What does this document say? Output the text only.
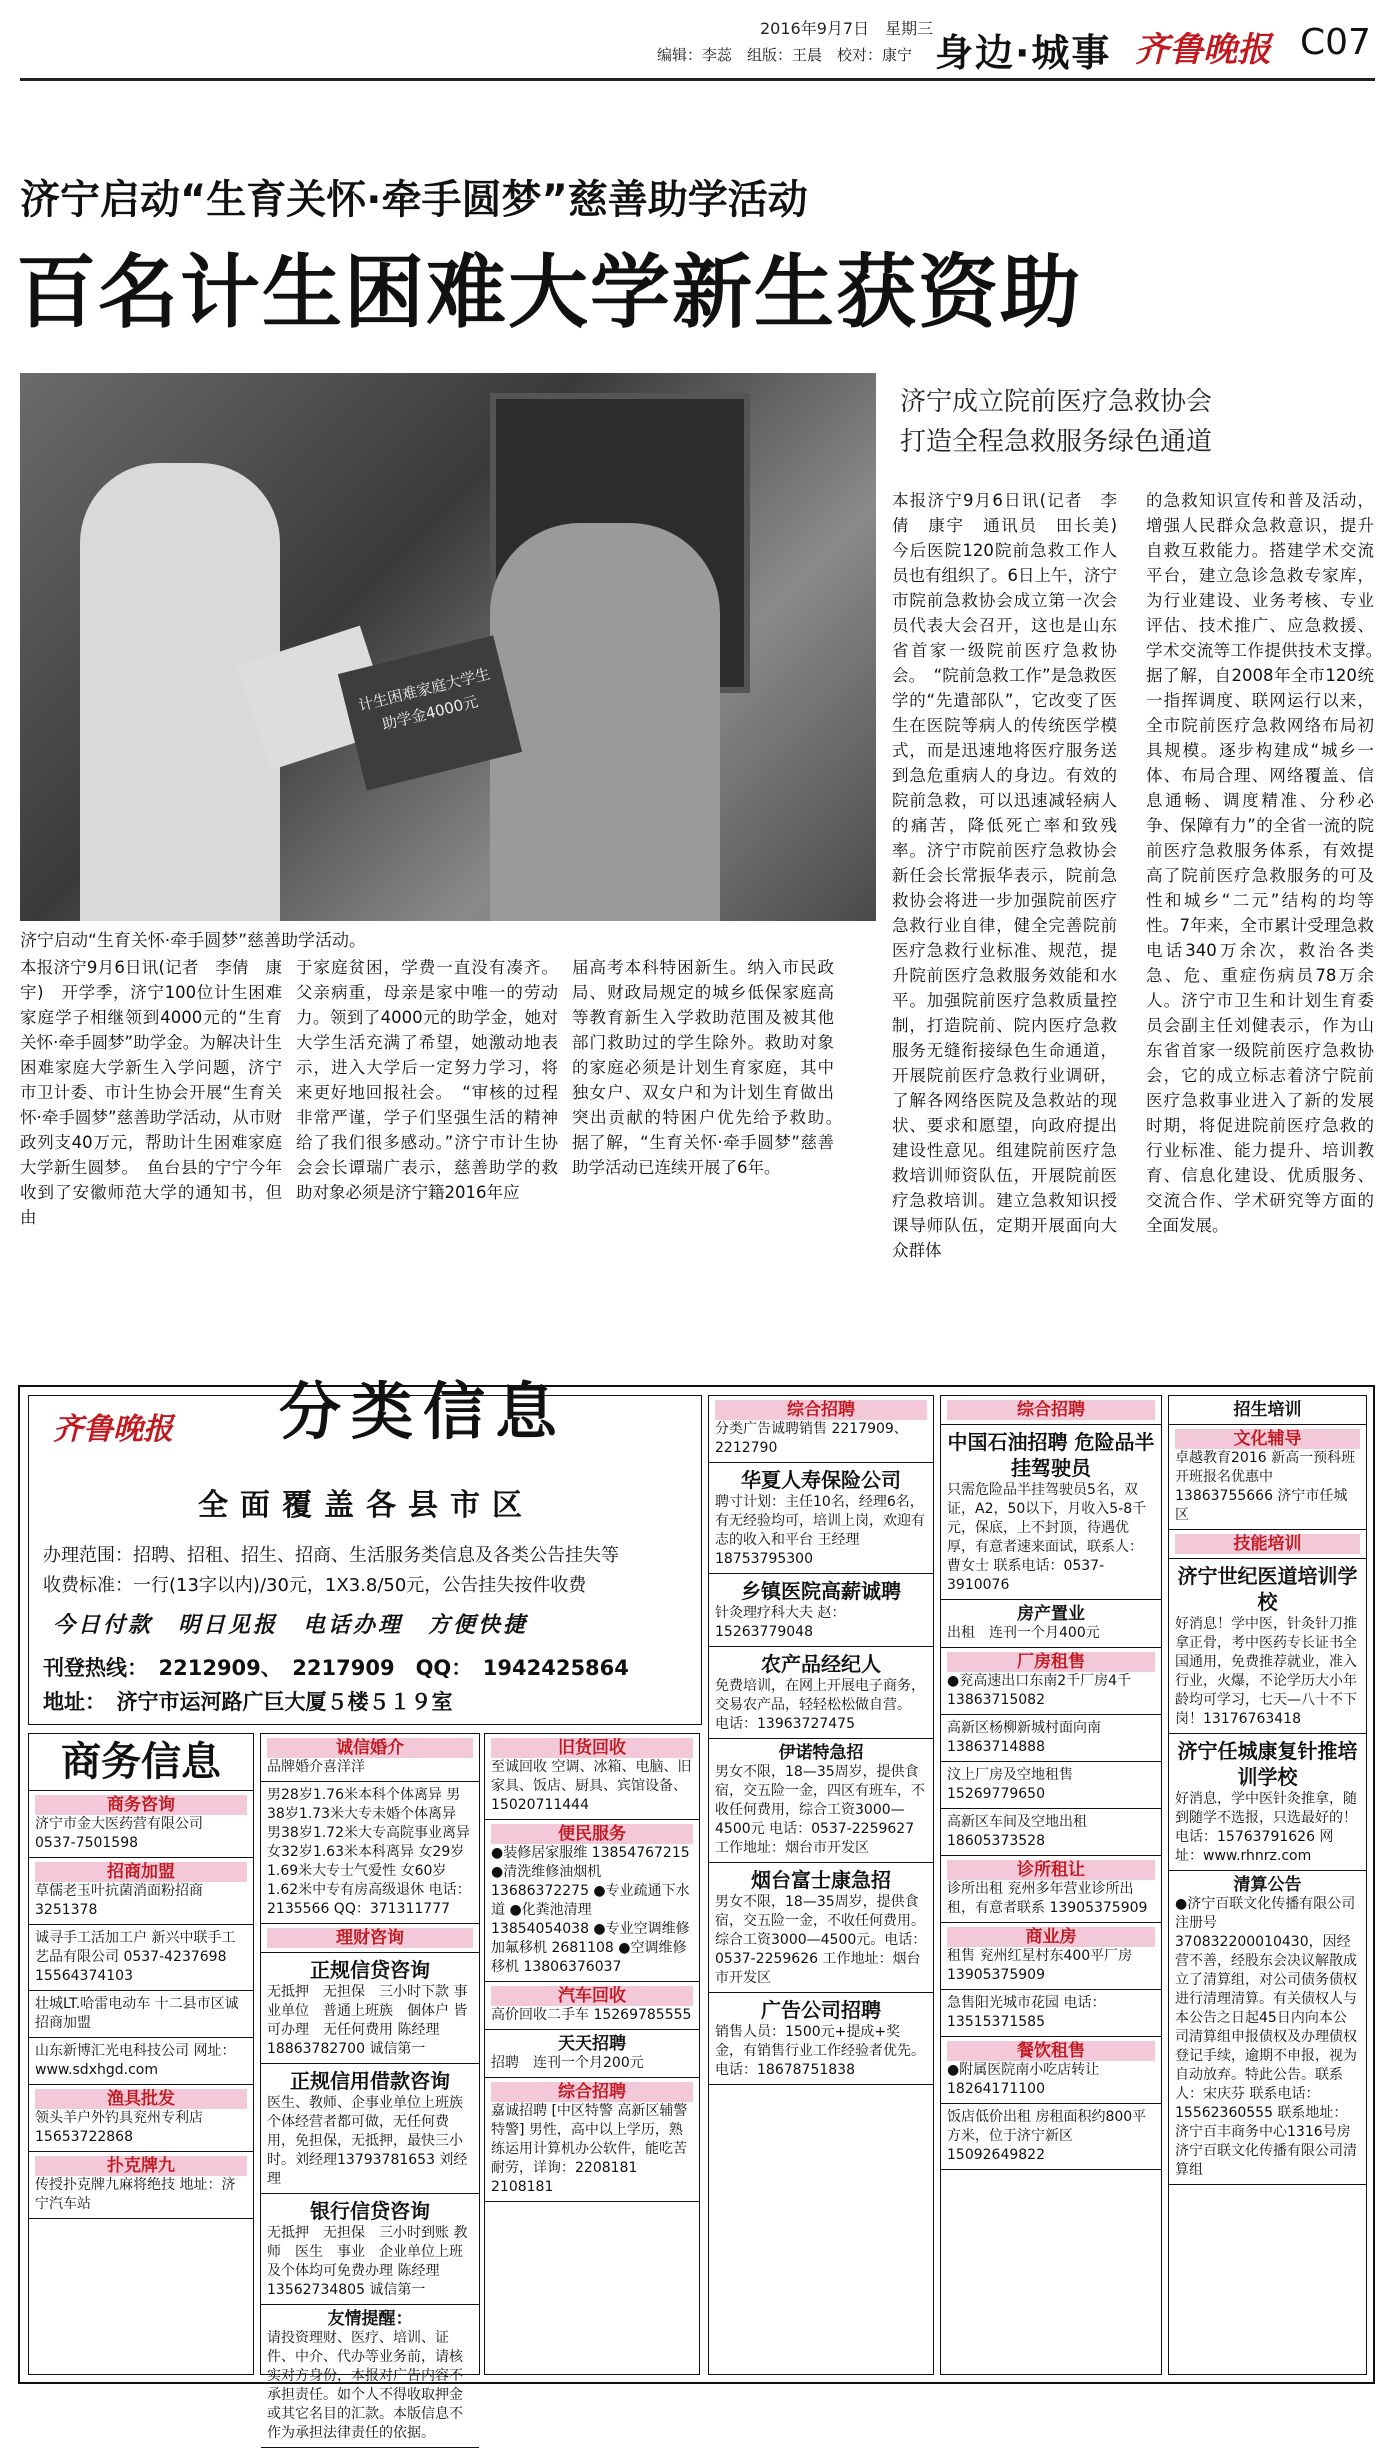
2016年9月7日　星期三
编辑：李蕊　组版：王晨　校对：康宁 身边·城事 齐鲁晚报 C07
济宁启动“生育关怀·牵手圆梦”慈善助学活动
百名计生困难大学新生获资助
计生困难家庭大学生 助学金4000元
济宁启动“生育关怀·牵手圆梦”慈善助学活动。
本报济宁9月6日讯(记者　李倩　康宇)　开学季，济宁100位计生困难家庭学子相继领到4000元的“生育关怀·牵手圆梦”助学金。为解决计生困难家庭大学新生入学问题，济宁市卫计委、市计生协会开展“生育关怀·牵手圆梦”慈善助学活动，从市财政列支40万元，帮助计生困难家庭大学新生圆梦。　鱼台县的宁宁今年收到了安徽师范大学的通知书，但由
于家庭贫困，学费一直没有凑齐。父亲病重，母亲是家中唯一的劳动力。领到了4000元的助学金，她对大学生活充满了希望，她激动地表示，进入大学后一定努力学习，将来更好地回报社会。　“审核的过程非常严谨，学子们坚强生活的精神给了我们很多感动。”济宁市计生协会会长谭瑞广表示，慈善助学的救助对象必须是济宁籍2016年应
届高考本科特困新生。纳入市民政局、财政局规定的城乡低保家庭高等教育新生入学救助范围及被其他部门救助过的学生除外。救助对象的家庭必须是计划生育家庭，其中独女户、双女户和为计划生育做出突出贡献的特困户优先给予救助。　据了解，“生育关怀·牵手圆梦”慈善助学活动已连续开展了6年。
济宁成立院前医疗急救协会
打造全程急救服务绿色通道
本报济宁9月6日讯(记者　李倩　康宇　通讯员　田长美)　今后医院120院前急救工作人员也有组织了。6日上午，济宁市院前急救协会成立第一次会员代表大会召开，这也是山东省首家一级院前医疗急救协会。　“院前急救工作”是急救医学的“先遣部队”，它改变了医生在医院等病人的传统医学模式，而是迅速地将医疗服务送到急危重病人的身边。有效的院前急救，可以迅速减轻病人的痛苦，降低死亡率和致残率。济宁市院前医疗急救协会新任会长常振华表示，院前急救协会将进一步加强院前医疗急救行业自律，健全完善院前医疗急救行业标准、规范，提升院前医疗急救服务效能和水平。加强院前医疗急救质量控制，打造院前、院内医疗急救服务无缝衔接绿色生命通道，开展院前医疗急救行业调研，了解各网络医院及急救站的现状、要求和愿望，向政府提出建设性意见。组建院前医疗急救培训师资队伍，开展院前医疗急救培训。建立急救知识授课导师队伍，定期开展面向大众群体
的急救知识宣传和普及活动，增强人民群众急救意识，提升自救互救能力。搭建学术交流平台，建立急诊急救专家库，为行业建设、业务考核、专业评估、技术推广、应急救援、学术交流等工作提供技术支撑。　据了解，自2008年全市120统一指挥调度、联网运行以来，全市院前医疗急救网络布局初具规模。逐步构建成“城乡一体、布局合理、网络覆盖、信息通畅、调度精准、分秒必争、保障有力”的全省一流的院前医疗急救服务体系，有效提高了院前医疗急救服务的可及性和城乡“二元”结构的均等性。7年来，全市累计受理急救电话340万余次，救治各类急、危、重症伤病员78万余人。济宁市卫生和计划生育委员会副主任刘健表示，作为山东省首家一级院前医疗急救协会，它的成立标志着济宁院前医疗急救事业进入了新的发展时期，将促进院前医疗急救的行业标准、能力提升、培训教育、信息化建设、优质服务、交流合作、学术研究等方面的全面发展。
齐鲁晚报 分类信息
全面覆盖各县市区
办理范围：招聘、招租、招生、招商、生活服务类信息及各类公告挂失等
收费标准：一行(13字以内)/30元，1X3.8/50元，公告挂失按件收费
今日付款　明日见报　电话办理　方便快捷
刊登热线：　2212909、　2217909　QQ：　1942425864
地址：　济宁市运河路广巨大厦５楼５１９室
商务信息
商务咨询
济宁市金大医药营有限公司 0537-7501598
招商加盟
草儒老玉叶抗菌消面粉招商 3251378
诚寻手工活加工户 新兴中联手工艺品有限公司 0537-4237698 15564374103
壮城LT.哈雷电动车 十二县市区诚招商加盟
山东新博汇光电科技公司 网址：www.sdxhgd.com
渔具批发
领头羊户外钓具兖州专利店 15653722868
扑克牌九
传授扑克牌九麻将绝技 地址：济宁汽车站
诚信婚介
品牌婚介喜洋洋
男28岁1.76米本科个体离异 男38岁1.73米大专未婚个体离异 男38岁1.72米大专高院事业离异 女32岁1.63米本科离异 女29岁1.69米大专士气爱性 女60岁1.62米中专有房高级退休 电话：2135566 QQ：371311777
理财咨询
正规信贷咨询
无抵押　无担保　三小时下款 事业单位　普通上班族　個体户 皆可办理　无任何费用 陈经理18863782700 诚信第一
正规信用借款咨询
医生、教师、企事业单位上班族个体经营者都可做，无任何费用，免担保，无抵押，最快三小时。刘经理13793781653 刘经理
银行信贷咨询
无抵押　无担保　三小时到账 教师　医生　事业　企业单位上班及个体均可免费办理 陈经理13562734805 诚信第一
友情提醒：
请投资理财、医疗、培训、证件、中介、代办等业务前，请核实对方身份，本报对广告内容不承担责任。如个人不得收取押金或其它名目的汇款。本版信息不作为承担法律责任的依据。
旧货回收
至诚回收 空调、冰箱、电脑、旧家具、饭店、厨具、宾馆设备、15020711444
便民服务
●装修居家服维 13854767215 ●清洗维修油烟机 13686372275 ●专业疏通下水道 ●化粪池清理 13854054038 ●专业空调维修加氟移机 2681108 ●空调维修移机 13806376037
汽车回收
高价回收二手车 15269785555
天天招聘
招聘　连刊一个月200元
综合招聘
嘉诚招聘 [中区特警 高新区辅警 特警] 男性，高中以上学历，熟练运用计算机办公软件，能吃苦耐劳，详询：2208181 2108181
综合招聘
分类广告诚聘销售 2217909、2212790
华夏人寿保险公司
聘寸计划：主任10名，经理6名，有无经验均可，培训上岗，欢迎有志的收入和平台 王经理 18753795300
乡镇医院高薪诚聘
针灸理疗科大夫 赵：15263779048
农产品经纪人
免费培训，在网上开展电子商务，交易农产品，轻轻松松做自营。 电话：13963727475
伊诺特急招
男女不限，18—35周岁，提供食宿，交五险一金，四区有班车，不收任何费用，综合工资3000—4500元 电话：0537-2259627 工作地址：烟台市开发区
烟台富士康急招
男女不限，18—35周岁，提供食宿，交五险一金，不收任何费用。综合工资3000—4500元。电话：0537-2259626 工作地址：烟台市开发区
广告公司招聘
销售人员：1500元+提成+奖金，有销售行业工作经验者优先。电话：18678751838
综合招聘
中国石油招聘 危险品半挂驾驶员
只需危险品半挂驾驶员5名，双证，A2，50以下，月收入5-8千元，保底，上不封顶，待遇优厚，有意者速来面试，联系人：曹女士 联系电话：0537-3910076
房产置业
出租　连刊一个月400元
厂房租售
●兖高速出口东南2千厂房4千 13863715082
高新区杨柳新城村面向南 13863714888
汶上厂房及空地租售 15269779650
高新区车间及空地出租 18605373528
诊所租让
诊所出租 兖州多年营业诊所出租，有意者联系 13905375909
商业房
租售 兖州红星村东400平厂房 13905375909
急售阳光城市花园 电话：13515371585
餐饮租售
●附属医院南小吃店转让 18264171100
饭店低价出租 房租面积约800平方米，位于济宁新区 15092649822
招生培训
文化辅导
卓越教育2016 新高一预科班开班报名优惠中 13863755666 济宁市任城区
技能培训
济宁世纪医道培训学校
好消息！学中医，针灸针刀推拿正骨，考中医药专长证书全国通用，免费推荐就业，准入行业，火爆，不论学历大小年龄均可学习，七天—八十不下岗！13176763418
济宁任城康复针推培训学校
好消息，学中医针灸推拿，随到随学不选报，只选最好的！电话：15763791626 网址：www.rhnrz.com
清算公告
●济宁百联文化传播有限公司注册号370832200010430，因经营不善，经股东会决议解散成立了清算组，对公司债务债权进行清理清算。有关债权人与本公告之日起45日内向本公司清算组申报债权及办理债权登记手续，逾期不申报，视为自动放弃。特此公告。联系人：宋庆芬 联系电话：15562360555 联系地址：济宁百丰商务中心1316号房 济宁百联文化传播有限公司清算组
